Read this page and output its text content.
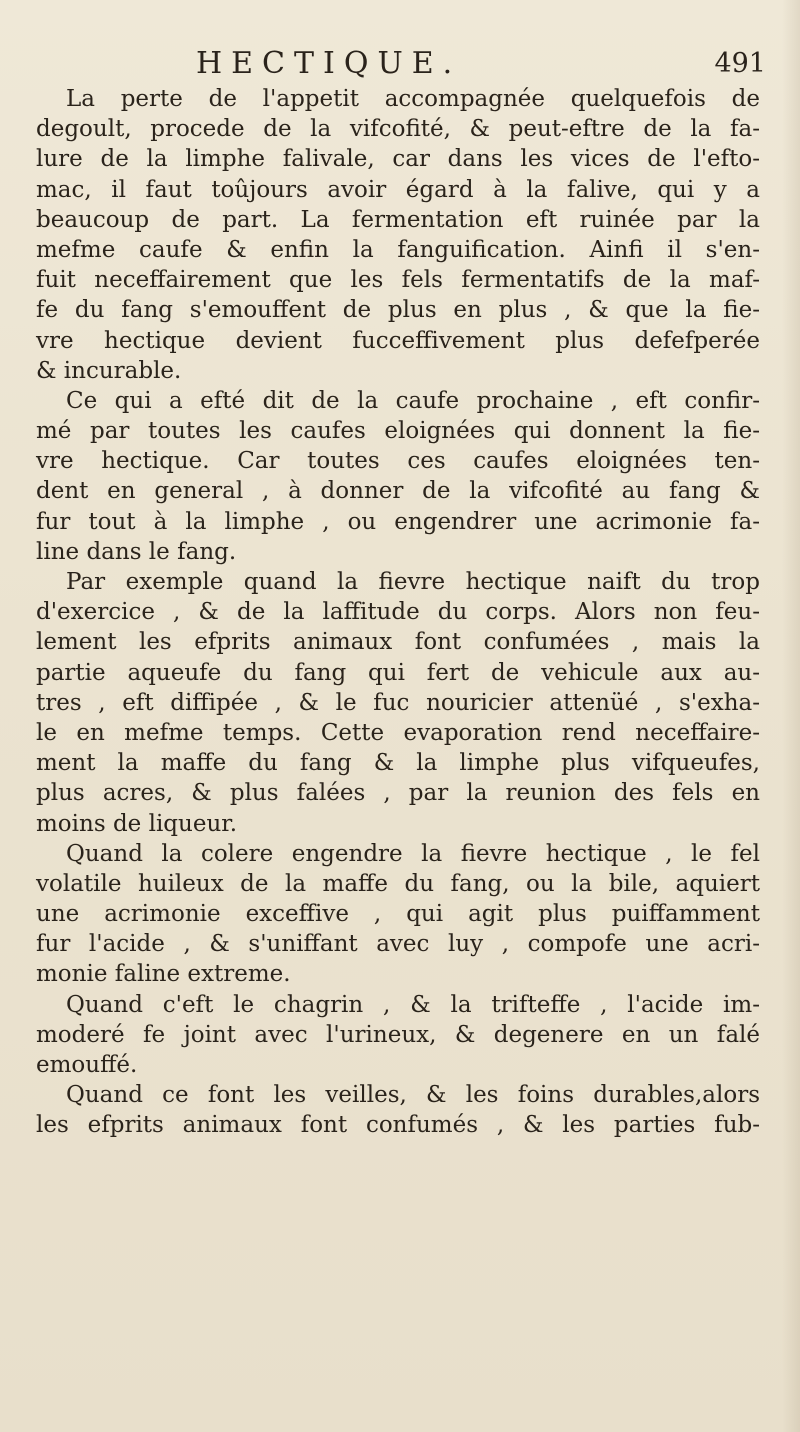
HECTIQUE.	491
La perte de l'appetit accompagnée quelquefois de
degoult, procede de la vifcofité, & peut-eftre de la fa-
lure de la limphe falivale, car dans les vices de l'efto-
mac, il faut toûjours avoir égard à la falive, qui y a
beaucoup de part. La fermentation eft ruinée par la
mefme caufe & enfin la fanguification. Ainfi il s'en-
fuit neceffairement que les fels fermentatifs de la maf-
fe du fang s'emouffent de plus en plus , & que la fie-
vre hectique devient fucceffivement plus defefperée
& incurable.
Ce qui a efté dit de la caufe prochaine , eft confir-
mé par toutes les caufes eloignées qui donnent la fie-
vre hectique. Car toutes ces caufes eloignées ten-
dent en general , à donner de la vifcofité au fang &
fur tout à la limphe , ou engendrer une acrimonie fa-
line dans le fang.
Par exemple quand la fievre hectique naift du trop
d'exercice , & de la laffitude du corps. Alors non feu-
lement les efprits animaux font confumées , mais la
partie aqueufe du fang qui fert de vehicule aux au-
tres , eft diffipée , & le fuc nouricier attenüé , s'exha-
le en mefme temps. Cette evaporation rend neceffaire-
ment la maffe du fang & la limphe plus vifqueufes,
plus acres, & plus falées , par la reunion des fels en
moins de liqueur.
Quand la colere engendre la fievre hectique , le fel
volatile huileux de la maffe du fang, ou la bile, aquiert
une acrimonie exceffive , qui agit plus puiffamment
fur l'acide , & s'uniffant avec luy , compofe une acri-
monie faline extreme.
Quand c'eft le chagrin , & la trifteffe , l'acide im-
moderé fe joint avec l'urineux, & degenere en un falé
emouffé.
Quand ce font les veilles, & les foins durables,alors
les efprits animaux font confumés , & les parties fub-
